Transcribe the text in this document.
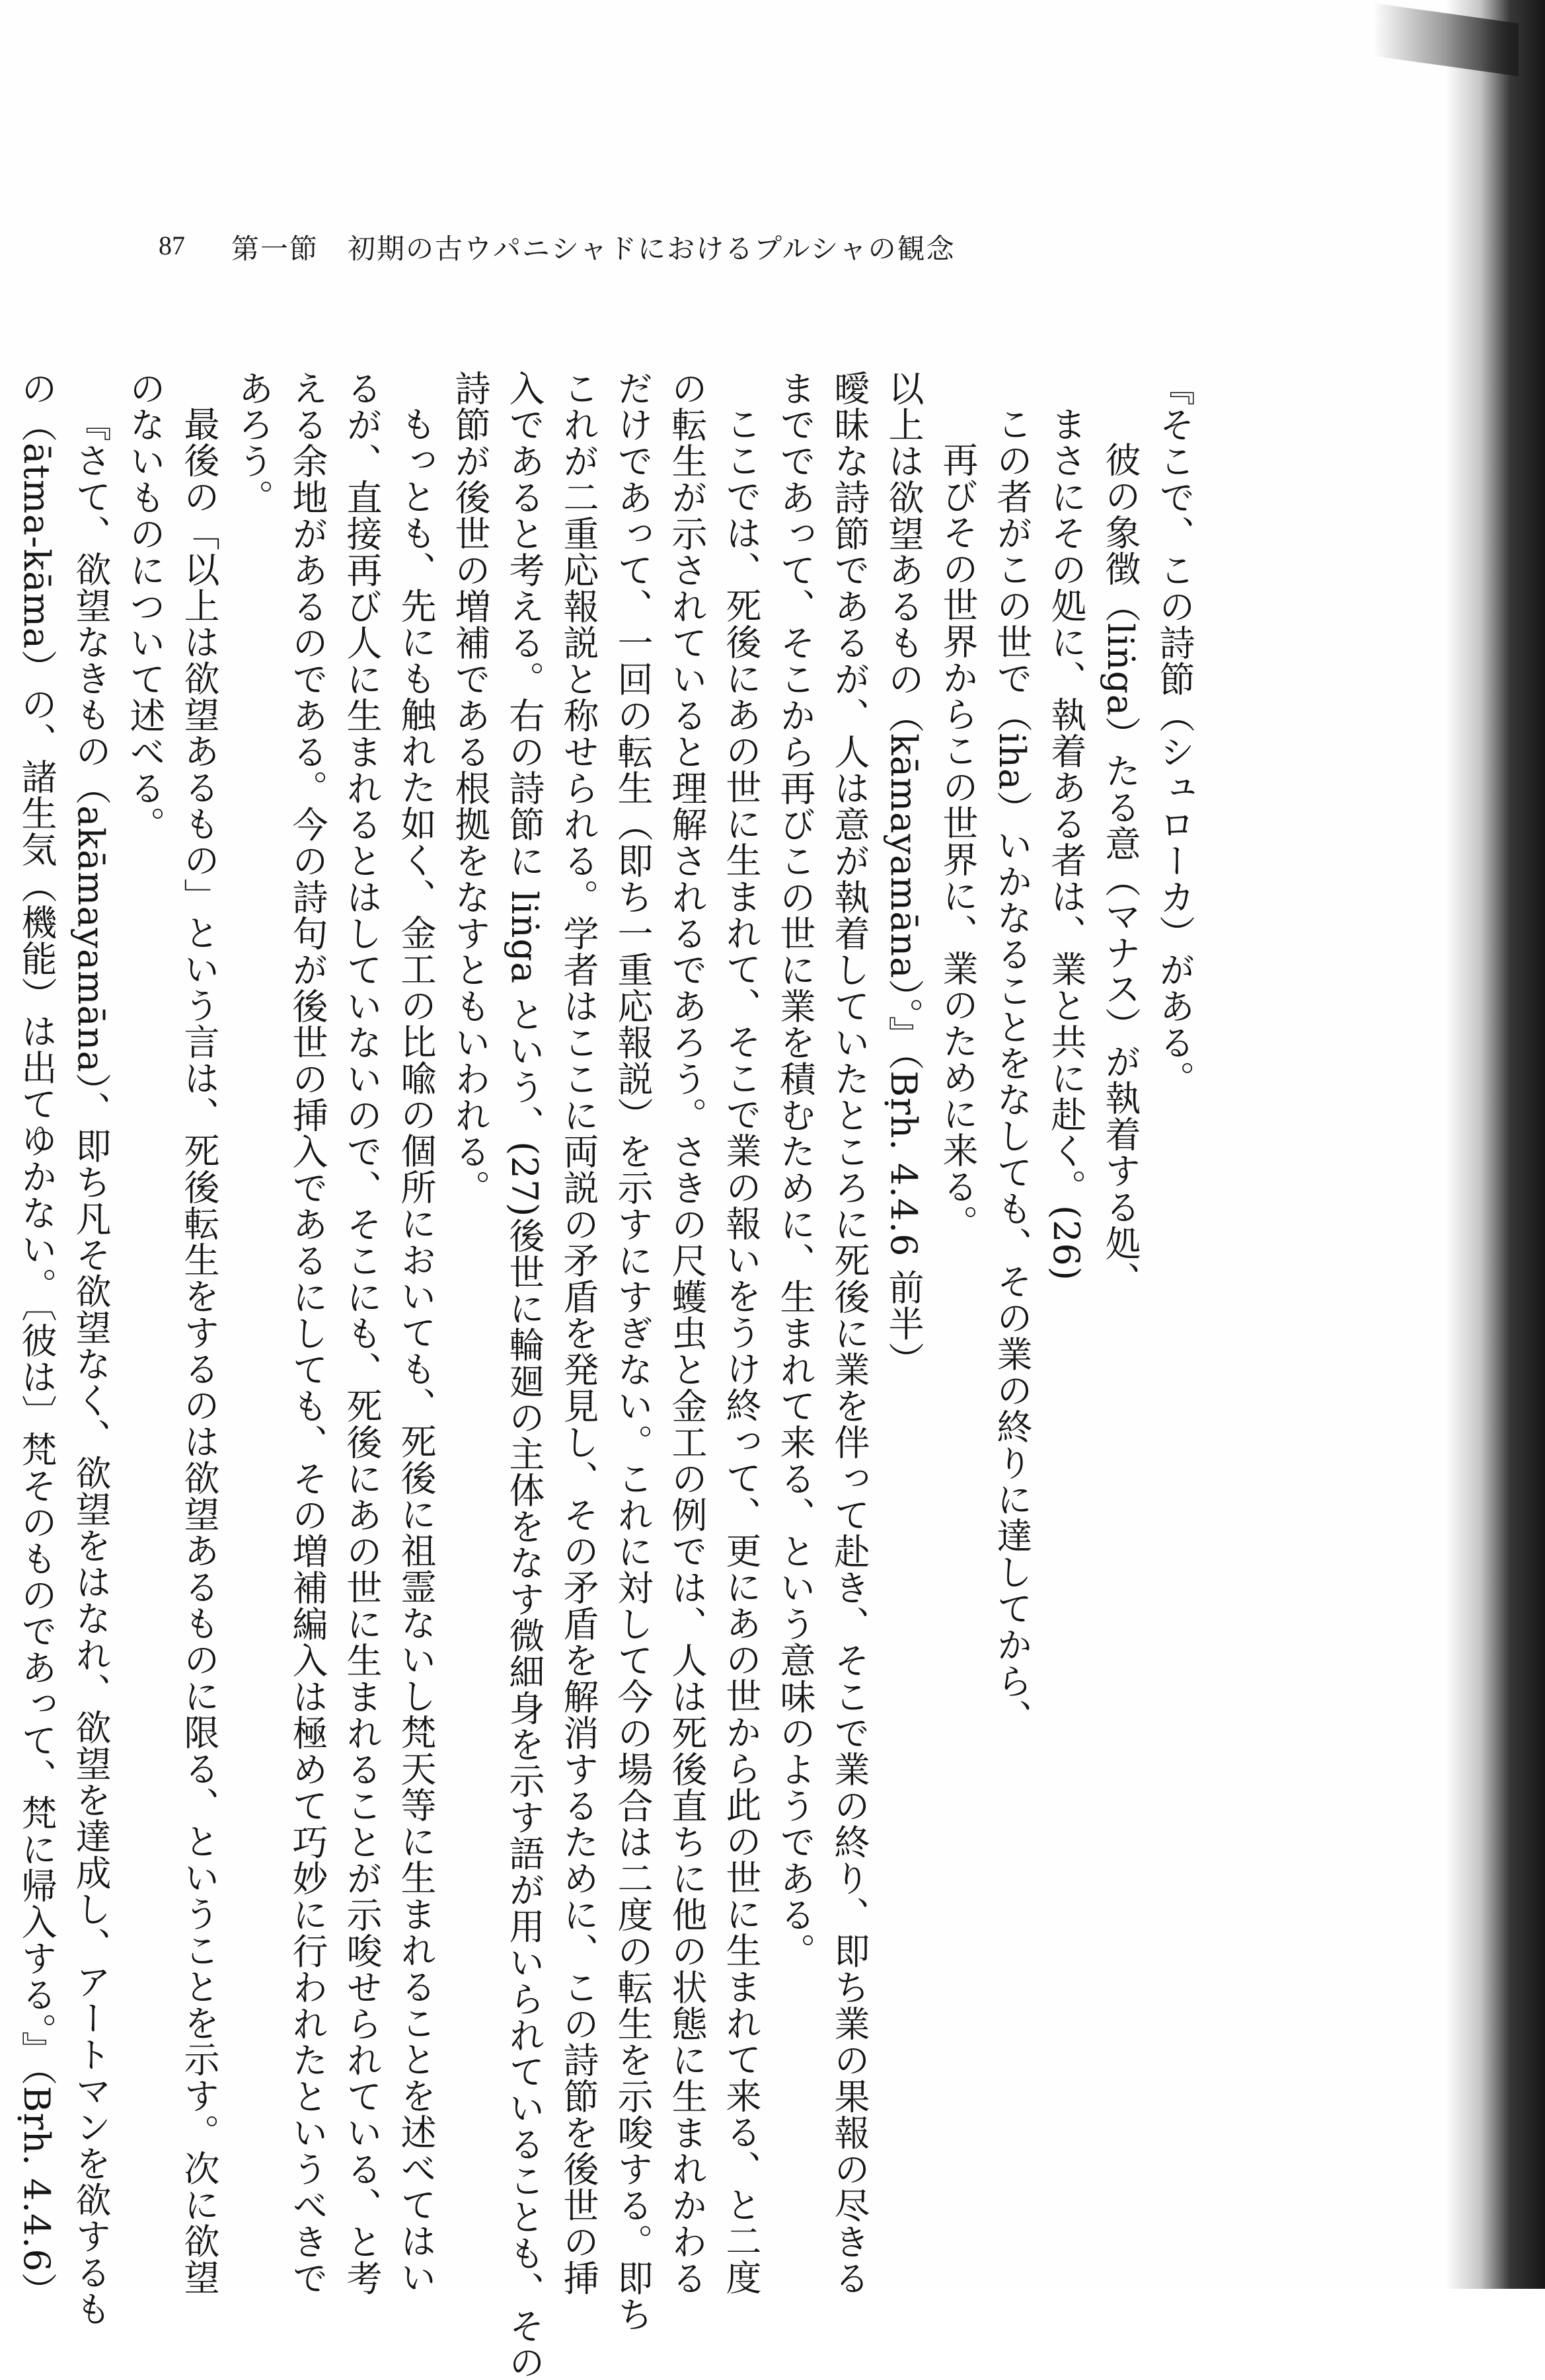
87 第一節　初期の古ウパニシャドにおけるプルシャの観念
『そこで、この詩節（シュローカ）がある。
彼の象徴（liṅga）たる意（マナス）が執着する処、
まさにその処に、執着ある者は、業と共に赴く。(26)
この者がこの世で（iha）いかなることをなしても、その業の終りに達してから、
再びその世界からこの世界に、業のために来る。
以上は欲望あるもの（kāmayamāna）。』（Bṛh. 4.4.6 前半）
曖昧な詩節であるが、人は意が執着していたところに死後に業を伴って赴き、そこで業の終り、即ち業の果報の尽きる
までであって、そこから再びこの世に業を積むために、生まれて来る、という意味のようである。
ここでは、死後にあの世に生まれて、そこで業の報いをうけ終って、更にあの世から此の世に生まれて来る、と二度
の転生が示されていると理解されるであろう。さきの尺蠖虫と金工の例では、人は死後直ちに他の状態に生まれかわる
だけであって、一回の転生（即ち一重応報説）を示すにすぎない。これに対して今の場合は二度の転生を示唆する。即ち
これが二重応報説と称せられる。学者はここに両説の矛盾を発見し、その矛盾を解消するために、この詩節を後世の挿
入であると考える。右の詩節に liṅga という、(27)後世に輪廻の主体をなす微細身を示す語が用いられていることも、その
詩節が後世の増補である根拠をなすともいわれる。
もっとも、先にも触れた如く、金工の比喩の個所においても、死後に祖霊ないし梵天等に生まれることを述べてはい
るが、直接再び人に生まれるとはしていないので、そこにも、死後にあの世に生まれることが示唆せられている、と考
える余地があるのである。今の詩句が後世の挿入であるにしても、その増補編入は極めて巧妙に行われたというべきで
あろう。
最後の「以上は欲望あるもの」という言は、死後転生をするのは欲望あるものに限る、ということを示す。次に欲望
のないものについて述べる。
『さて、欲望なきもの（akāmayamāna）、即ち凡そ欲望なく、欲望をはなれ、欲望を達成し、アートマンを欲するも
の（ātma-kāma）の、諸生気（機能）は出てゆかない。〔彼は〕梵そのものであって、梵に帰入する。』（Bṛh. 4.4.6）
